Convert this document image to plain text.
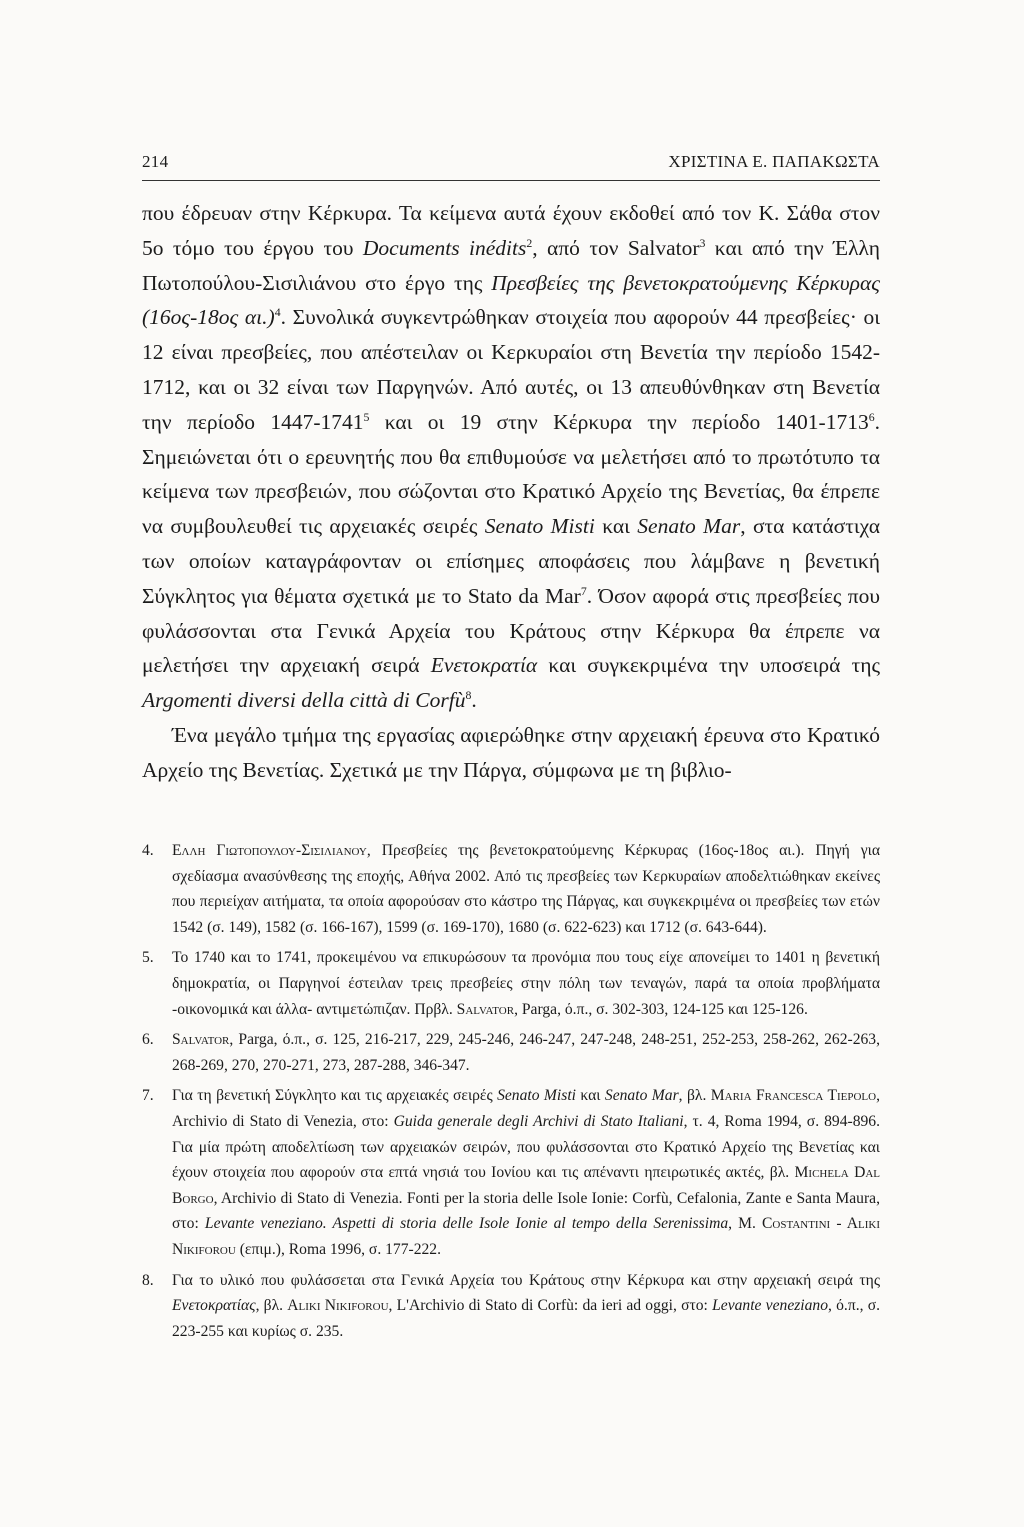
214	ΧΡΙΣΤΙΝΑ Ε. ΠΑΠΑΚΩΣΤΑ

που έδρευαν στην Κέρκυρα. Τα κείμενα αυτά έχουν εκδοθεί από τον Κ. Σάθα στον 5ο τόμο του έργου του Documents inédits$^2$, από τον Salvator$^3$ και από την Έλλη Πωτοπούλου-Σισιλιάνου στο έργο της Πρεσβείες της βενετοκρατούμενης Κέρκυρας (16ος-18ος αι.)$^4$. Συνολικά συγκεντρώθηκαν στοιχεία που αφορούν 44 πρεσβείες· οι 12 είναι πρεσβείες, που απέστειλαν οι Κερκυραίοι στη Βενετία την περίοδο 1542-1712, και οι 32 είναι των Παργηνών. Από αυτές, οι 13 απευθύνθηκαν στη Βενετία την περίοδο 1447-1741$^5$ και οι 19 στην Κέρκυρα την περίοδο 1401-1713$^6$. Σημειώνεται ότι ο ερευνητής που θα επιθυμούσε να μελετήσει από το πρωτότυπο τα κείμενα των πρεσβειών, που σώζονται στο Κρατικό Αρχείο της Βενετίας, θα έπρεπε να συμβουλευθεί τις αρχειακές σειρές Senato Misti και Senato Mar, στα κατάστιχα των οποίων καταγράφονταν οι επίσημες αποφάσεις που λάμβανε η βενετική Σύγκλητος για θέματα σχετικά με το Stato da Mar$^7$. Όσον αφορά στις πρεσβείες που φυλάσσονται στα Γενικά Αρχεία του Κράτους στην Κέρκυρα θα έπρεπε να μελετήσει την αρχειακή σειρά Ενετοκρατία και συγκεκριμένα την υποσειρά της Argomenti diversi della città di Corfù$^8$.

Ένα μεγάλο τμήμα της εργασίας αφιερώθηκε στην αρχειακή έρευνα στο Κρατικό Αρχείο της Βενετίας. Σχετικά με την Πάργα, σύμφωνα με τη βιβλιο-

4.	Ελλη Γιωτοπουλου-Σισιλιανου, Πρεσβείες της βενετοκρατούμενης Κέρκυρας (16ος-18ος αι.). Πηγή για σχεδίασμα ανασύνθεσης της εποχής, Αθήνα 2002. Από τις πρεσβείες των Κερκυραίων αποδελτιώθηκαν εκείνες που περιείχαν αιτήματα, τα οποία αφορούσαν στο κάστρο της Πάργας, και συγκεκριμένα οι πρεσβείες των ετών 1542 (σ. 149), 1582 (σ. 166-167), 1599 (σ. 169-170), 1680 (σ. 622-623) και 1712 (σ. 643-644).
5.	Το 1740 και το 1741, προκειμένου να επικυρώσουν τα προνόμια που τους είχε απονείμει το 1401 η βενετική δημοκρατία, οι Παργηνοί έστειλαν τρεις πρεσβείες στην πόλη των τεναγών, παρά τα οποία προβλήματα -οικονομικά και άλλα- αντιμετώπιζαν. Πρβλ. Salvator, Parga, ό.π., σ. 302-303, 124-125 και 125-126.
6.	Salvator, Parga, ό.π., σ. 125, 216-217, 229, 245-246, 246-247, 247-248, 248-251, 252-253, 258-262, 262-263, 268-269, 270, 270-271, 273, 287-288, 346-347.
7.	Για τη βενετική Σύγκλητο και τις αρχειακές σειρές Senato Misti και Senato Mar, βλ. Maria Francesca Tiepolo, Archivio di Stato di Venezia, στο: Guida generale degli Archivi di Stato Italiani, τ. 4, Roma 1994, σ. 894-896. Για μία πρώτη αποδελτίωση των αρχειακών σειρών, που φυλάσσονται στο Κρατικό Αρχείο της Βενετίας και έχουν στοιχεία που αφορούν στα επτά νησιά του Ιονίου και τις απέναντι ηπειρωτικές ακτές, βλ. Michela Dal Borgo, Archivio di Stato di Venezia. Fonti per la storia delle Isole Ionie: Corfù, Cefalonia, Zante e Santa Maura, στο: Levante veneziano. Aspetti di storia delle Isole Ionie al tempo della Serenissima, M. Costantini - Aliki Nikiforou (επιμ.), Roma 1996, σ. 177-222.
8.	Για το υλικό που φυλάσσεται στα Γενικά Αρχεία του Κράτους στην Κέρκυρα και στην αρχειακή σειρά της Ενετοκρατίας, βλ. Aliki Nikiforou, L'Archivio di Stato di Corfù: da ieri ad oggi, στο: Levante veneziano, ό.π., σ. 223-255 και κυρίως σ. 235.
